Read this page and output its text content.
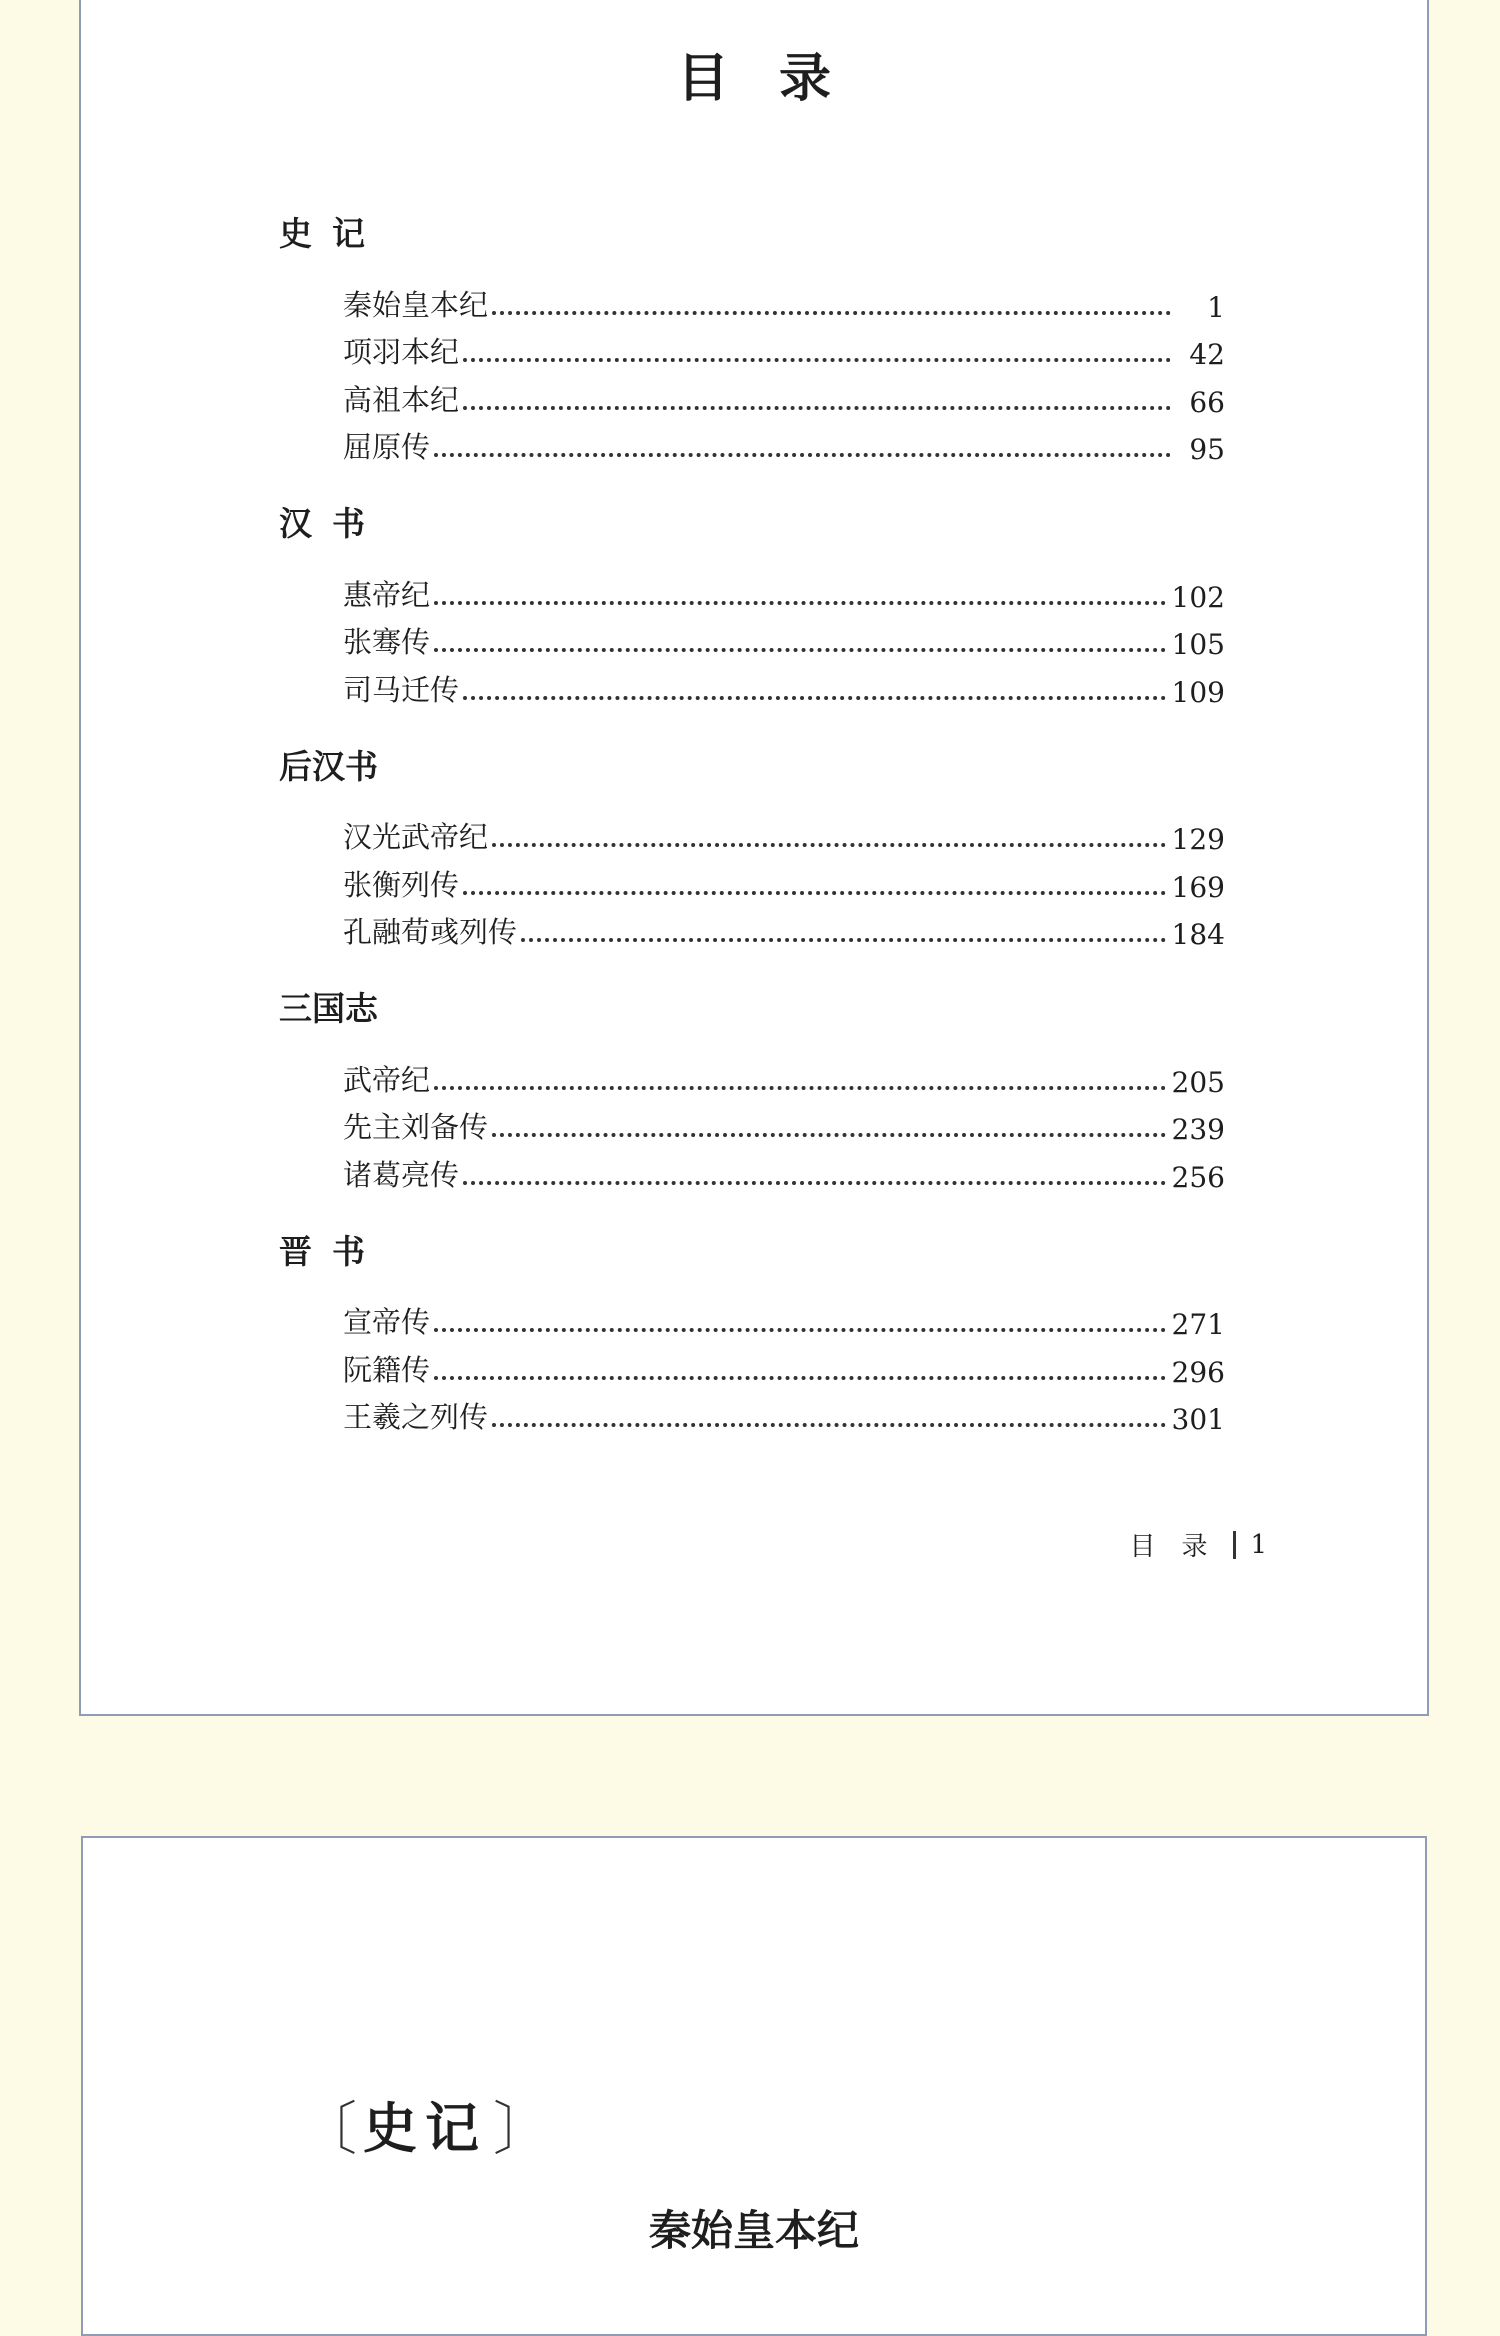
目录
史记
秦始皇本纪	1
项羽本纪	42
高祖本纪	66
屈原传	95
汉书
惠帝纪	102
张骞传	105
司马迁传	109
后汉书
汉光武帝纪	129
张衡列传	169
孔融荀彧列传	184
三国志
武帝纪	205
先主刘备传	239
诸葛亮传	256
晋书
宣帝传	271
阮籍传	296
王羲之列传	301
目录 1
〔 史记 〕
秦始皇本纪
